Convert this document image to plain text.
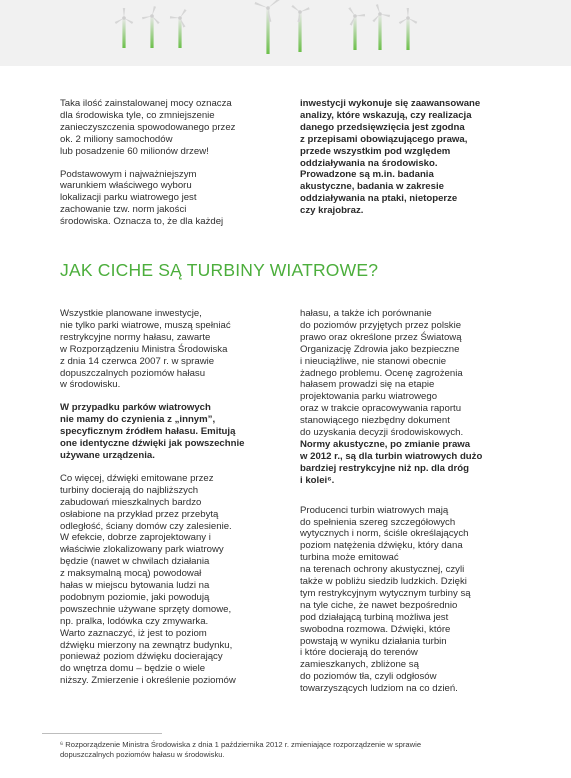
Taka ilość zainstalowanej mocy oznacza
dla środowiska tyle, co zmniejszenie
zanieczyszczenia spowodowanego przez
ok. 2 miliony samochodów
lub posadzenie 60 milionów drzew!

Podstawowym i najważniejszym
warunkiem właściwego wyboru
lokalizacji parku wiatrowego jest
zachowanie tzw. norm jakości
środowiska. Oznacza to, że dla każdej

inwestycji wykonuje się zaawansowane
analizy, które wskazują, czy realizacja
danego przedsięwzięcia jest zgodna
z przepisami obowiązującego prawa,
przede wszystkim pod względem
oddziaływania na środowisko.
Prowadzone są m.in. badania
akustyczne, badania w zakresie
oddziaływania na ptaki, nietoperze
czy krajobraz.

JAK CICHE SĄ TURBINY WIATROWE?

Wszystkie planowane inwestycje,
nie tylko parki wiatrowe, muszą spełniać
restrykcyjne normy hałasu, zawarte
w Rozporządzeniu Ministra Środowiska
z dnia 14 czerwca 2007 r. w sprawie
dopuszczalnych poziomów hałasu
w środowisku.

W przypadku parków wiatrowych
nie mamy do czynienia z „innym”,
specyficznym źródłem hałasu. Emitują
one identyczne dźwięki jak powszechnie
używane urządzenia.

Co więcej, dźwięki emitowane przez
turbiny docierają do najbliższych
zabudowań mieszkalnych bardzo
osłabione na przykład przez przebytą
odległość, ściany domów czy zalesienie.
W efekcie, dobrze zaprojektowany i
właściwie zlokalizowany park wiatrowy
będzie (nawet w chwilach działania
z maksymalną mocą) powodował
hałas w miejscu bytowania ludzi na
podobnym poziomie, jaki powodują
powszechnie używane sprzęty domowe,
np. pralka, lodówka czy zmywarka.
Warto zaznaczyć, iż jest to poziom
dźwięku mierzony na zewnątrz budynku,
ponieważ poziom dźwięku docierający
do wnętrza domu – będzie o wiele
niższy. Zmierzenie i określenie poziomów

hałasu, a także ich porównanie
do poziomów przyjętych przez polskie
prawo oraz określone przez Światową
Organizację Zdrowia jako bezpieczne
i nieuciążliwe, nie stanowi obecnie
żadnego problemu. Ocenę zagrożenia
hałasem prowadzi się na etapie
projektowania parku wiatrowego
oraz w trakcie opracowywania raportu
stanowiącego niezbędny dokument
do uzyskania decyzji środowiskowych.

Normy akustyczne, po zmianie prawa
w 2012 r., są dla turbin wiatrowych dużo
bardziej restrykcyjne niż np. dla dróg
i kolei⁶.

Producenci turbin wiatrowych mają
do spełnienia szereg szczegółowych
wytycznych i norm, ściśle określających
poziom natężenia dźwięku, który dana
turbina może emitować
na terenach ochrony akustycznej, czyli
także w pobliżu siedzib ludzkich. Dzięki
tym restrykcyjnym wytycznym turbiny są
na tyle ciche, że nawet bezpośrednio
pod działającą turbiną możliwa jest
swobodna rozmowa. Dźwięki, które
powstają w wyniku działania turbin
i które docierają do terenów
zamieszkanych, zbliżone są
do poziomów tła, czyli odgłosów
towarzyszących ludziom na co dzień.

⁶ Rozporządzenie Ministra Środowiska z dnia 1 października 2012 r. zmieniające rozporządzenie w sprawie
dopuszczalnych poziomów hałasu w środowisku.
